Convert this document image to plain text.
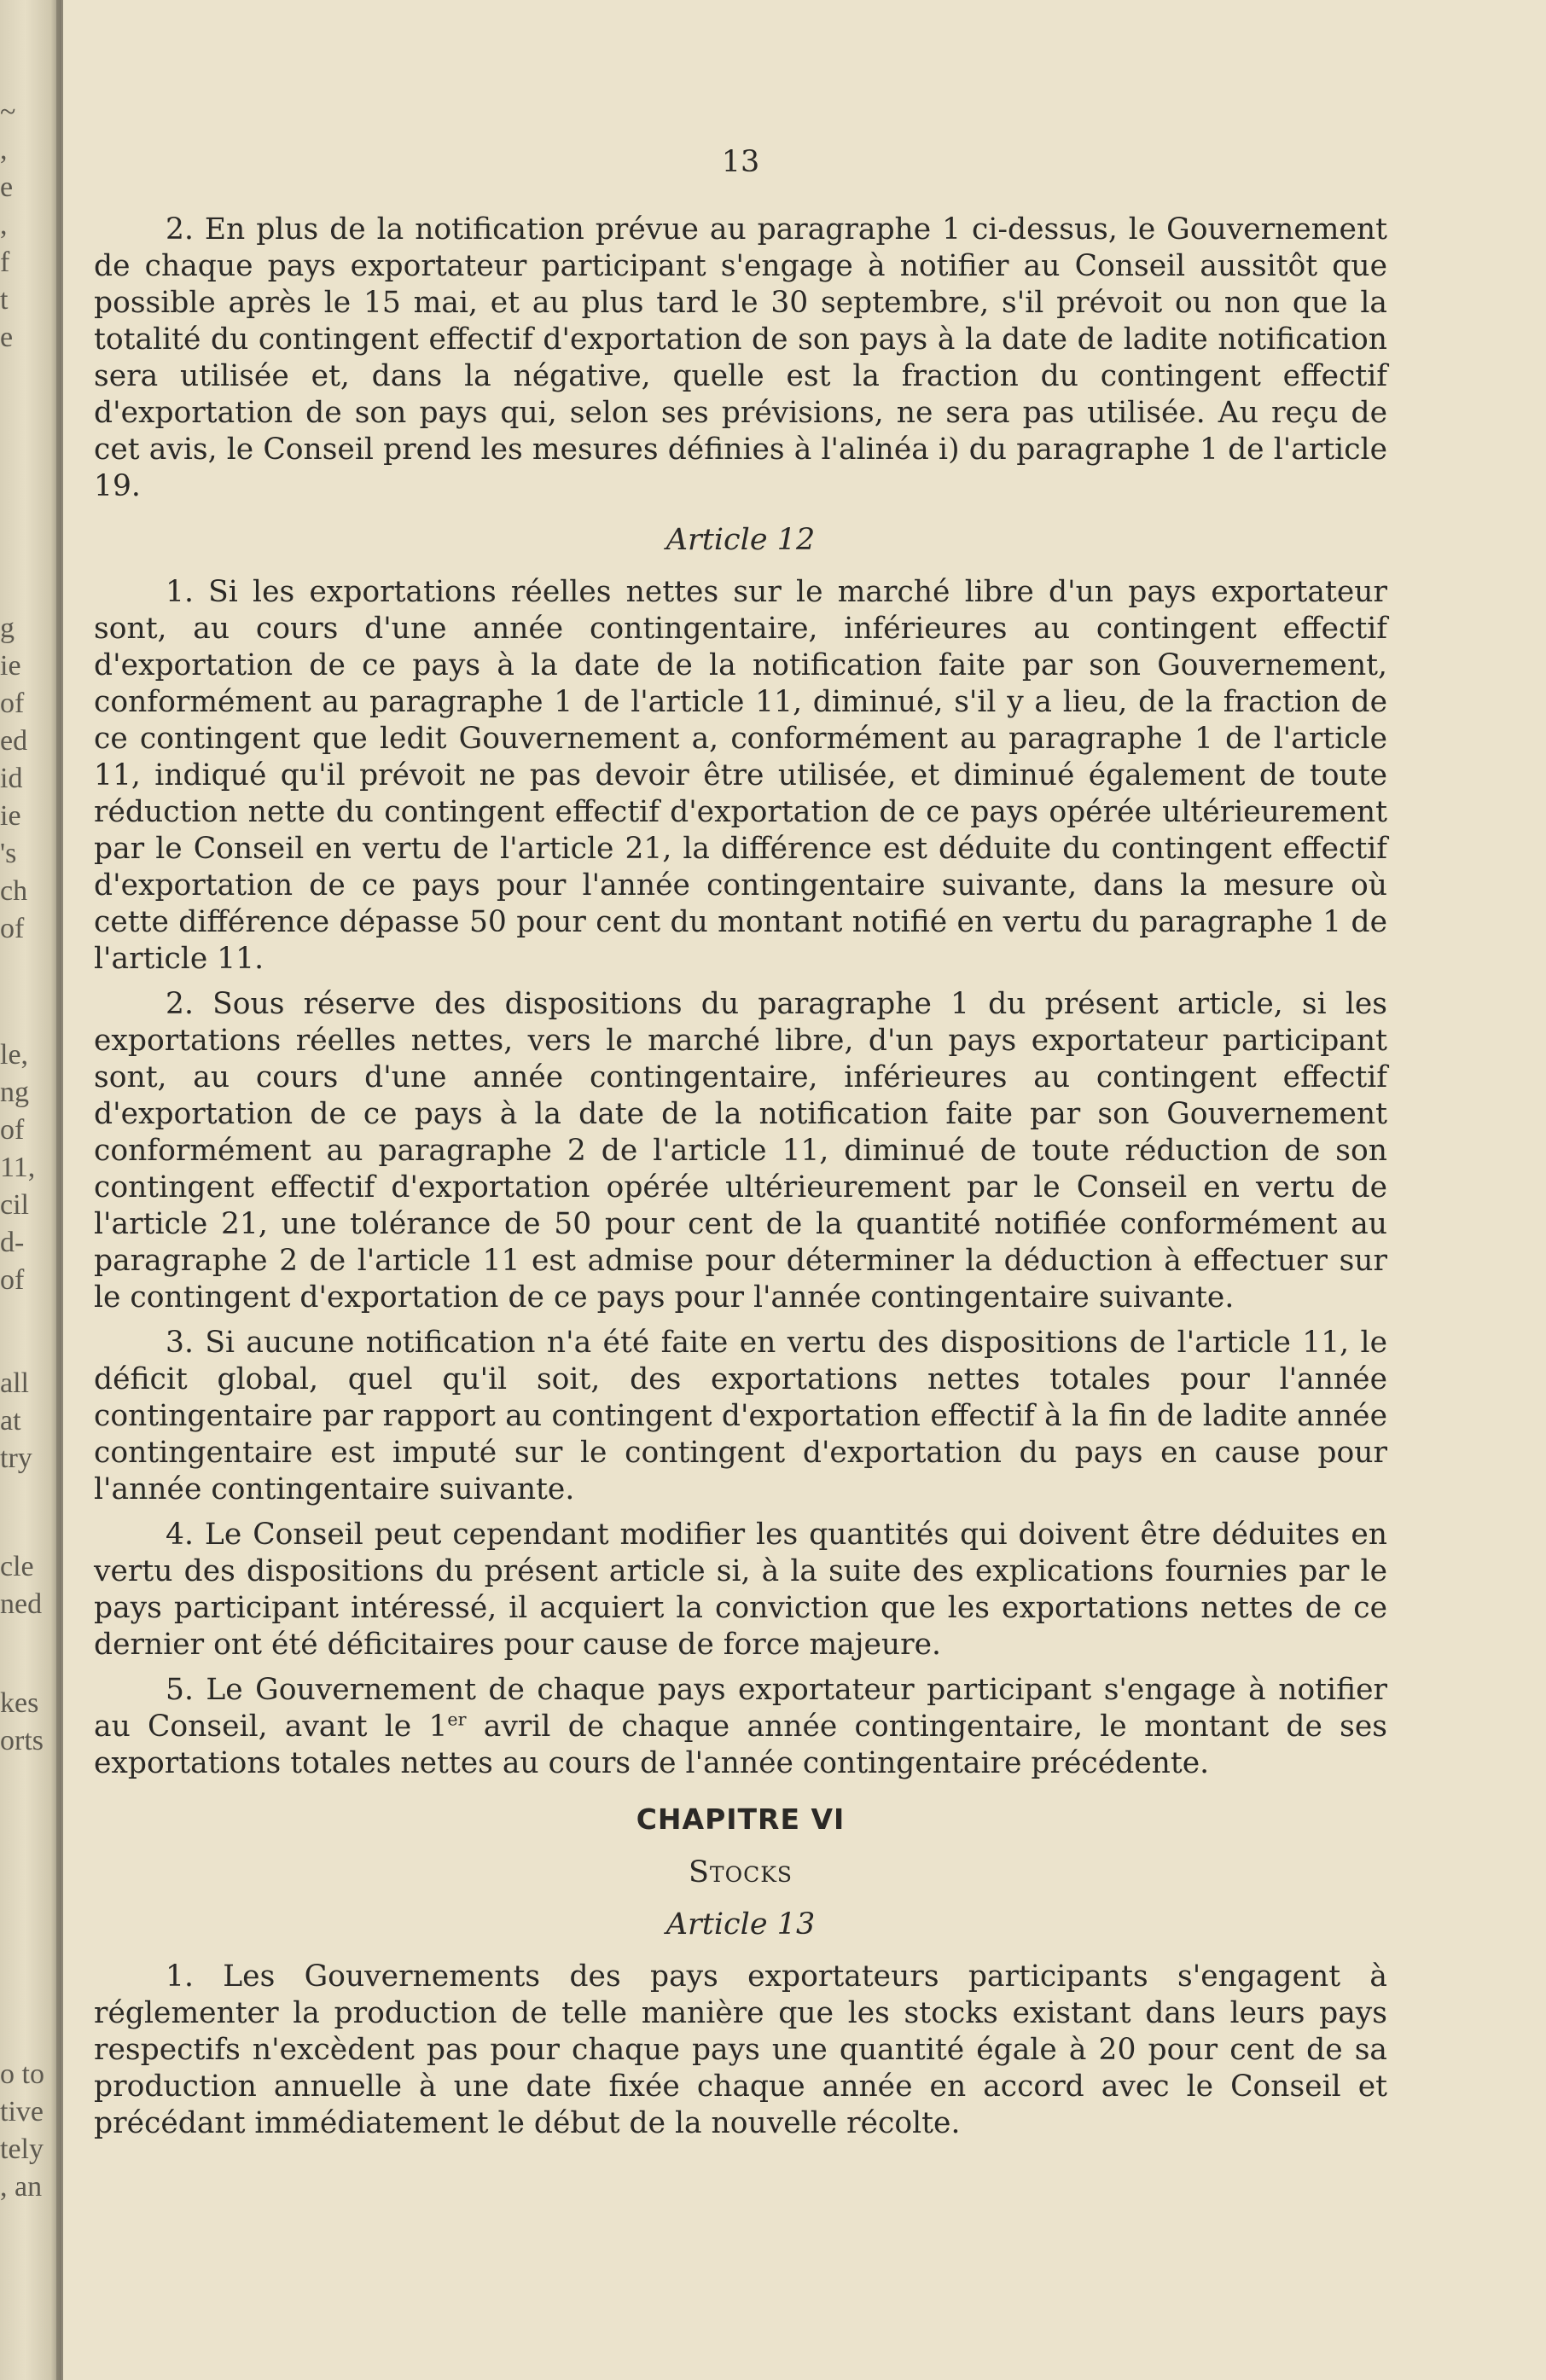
~
,
e
,
f
t
e
g
ie
of
ed
id
ie
's
ch
of
le,
ng
of
11,
cil
d-
of
all
at
try
cle
ned
kes
orts
o to
tive
tely
, an
13

2. En plus de la notification prévue au paragraphe 1 ci-dessus, le Gouvernement de chaque pays exportateur participant s'engage à notifier au Conseil aussitôt que possible après le 15 mai, et au plus tard le 30 septembre, s'il prévoit ou non que la totalité du contingent effectif d'exportation de son pays à la date de ladite notification sera utilisée et, dans la négative, quelle est la fraction du contingent effectif d'exportation de son pays qui, selon ses prévisions, ne sera pas utilisée. Au reçu de cet avis, le Conseil prend les mesures définies à l'alinéa i) du paragraphe 1 de l'article 19.

Article 12

1. Si les exportations réelles nettes sur le marché libre d'un pays exportateur sont, au cours d'une année contingentaire, inférieures au contingent effectif d'exportation de ce pays à la date de la notification faite par son Gouvernement, conformément au paragraphe 1 de l'article 11, diminué, s'il y a lieu, de la fraction de ce contingent que ledit Gouvernement a, conformément au paragraphe 1 de l'article 11, indiqué qu'il prévoit ne pas devoir être utilisée, et diminué également de toute réduction nette du contingent effectif d'exportation de ce pays opérée ultérieurement par le Conseil en vertu de l'article 21, la différence est déduite du contingent effectif d'exportation de ce pays pour l'année contingentaire suivante, dans la mesure où cette différence dépasse 50 pour cent du montant notifié en vertu du paragraphe 1 de l'article 11.

2. Sous réserve des dispositions du paragraphe 1 du présent article, si les exportations réelles nettes, vers le marché libre, d'un pays exportateur participant sont, au cours d'une année contingentaire, inférieures au contingent effectif d'exportation de ce pays à la date de la notification faite par son Gouvernement conformément au paragraphe 2 de l'article 11, diminué de toute réduction de son contingent effectif d'exportation opérée ultérieurement par le Conseil en vertu de l'article 21, une tolérance de 50 pour cent de la quantité notifiée conformément au paragraphe 2 de l'article 11 est admise pour déterminer la déduction à effectuer sur le contingent d'exportation de ce pays pour l'année contingentaire suivante.

3. Si aucune notification n'a été faite en vertu des dispositions de l'article 11, le déficit global, quel qu'il soit, des exportations nettes totales pour l'année contingentaire par rapport au contingent d'exportation effectif à la fin de ladite année contingentaire est imputé sur le contingent d'exportation du pays en cause pour l'année contingentaire suivante.

4. Le Conseil peut cependant modifier les quantités qui doivent être déduites en vertu des dispositions du présent article si, à la suite des explications fournies par le pays participant intéressé, il acquiert la conviction que les exportations nettes de ce dernier ont été déficitaires pour cause de force majeure.

5. Le Gouvernement de chaque pays exportateur participant s'engage à notifier au Conseil, avant le 1er avril de chaque année contingentaire, le montant de ses exportations totales nettes au cours de l'année contingentaire précédente.

CHAPITRE VI
Stocks
Article 13

1. Les Gouvernements des pays exportateurs participants s'engagent à réglementer la production de telle manière que les stocks existant dans leurs pays respectifs n'excèdent pas pour chaque pays une quantité égale à 20 pour cent de sa production annuelle à une date fixée chaque année en accord avec le Conseil et précédant immédiatement le début de la nouvelle récolte.
